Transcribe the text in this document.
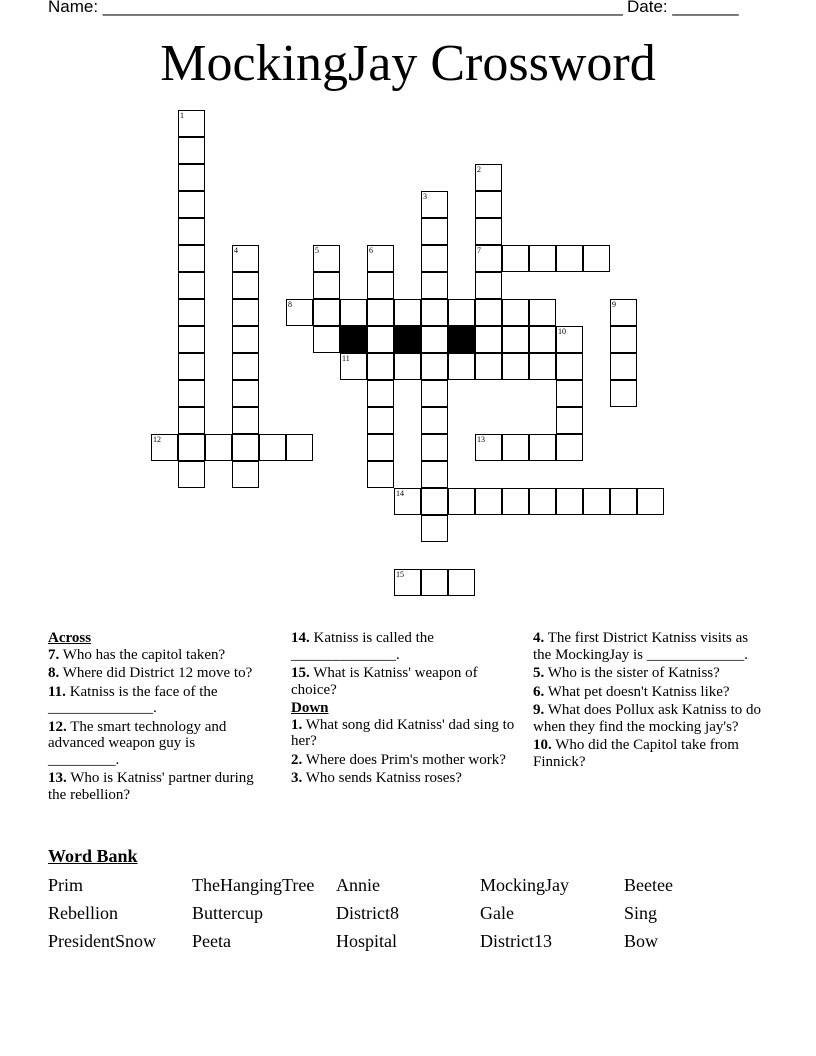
Name: _______________________________________________________ Date: _______
MockingJay Crossword
1
4
12
5	6
3
2
7
8
10
11
13
9
14
15
Across
7. Who has the capitol taken?
8. Where did District 12 move to?
11. Katniss is the face of the ______________.
12. The smart technology and advanced weapon guy is _________.
13. Who is Katniss' partner during the rebellion?
14. Katniss is called the ______________.
15. What is Katniss' weapon of choice?
Down
1. What song did Katniss' dad sing to her?
2. Where does Prim's mother work?
3. Who sends Katniss roses?
4. The first District Katniss visits as the MockingJay is _____________.
5. Who is the sister of Katniss?
6. What pet doesn't Katniss like?
9. What does Pollux ask Katniss to do when they find the mocking jay's?
10. Who did the Capitol take from Finnick?
Word Bank
Prim	TheHangingTree Annie	MockingJay	Beetee
Rebellion	Buttercup	District8	Gale	Sing
PresidentSnow Peeta	Hospital	District13	Bow
